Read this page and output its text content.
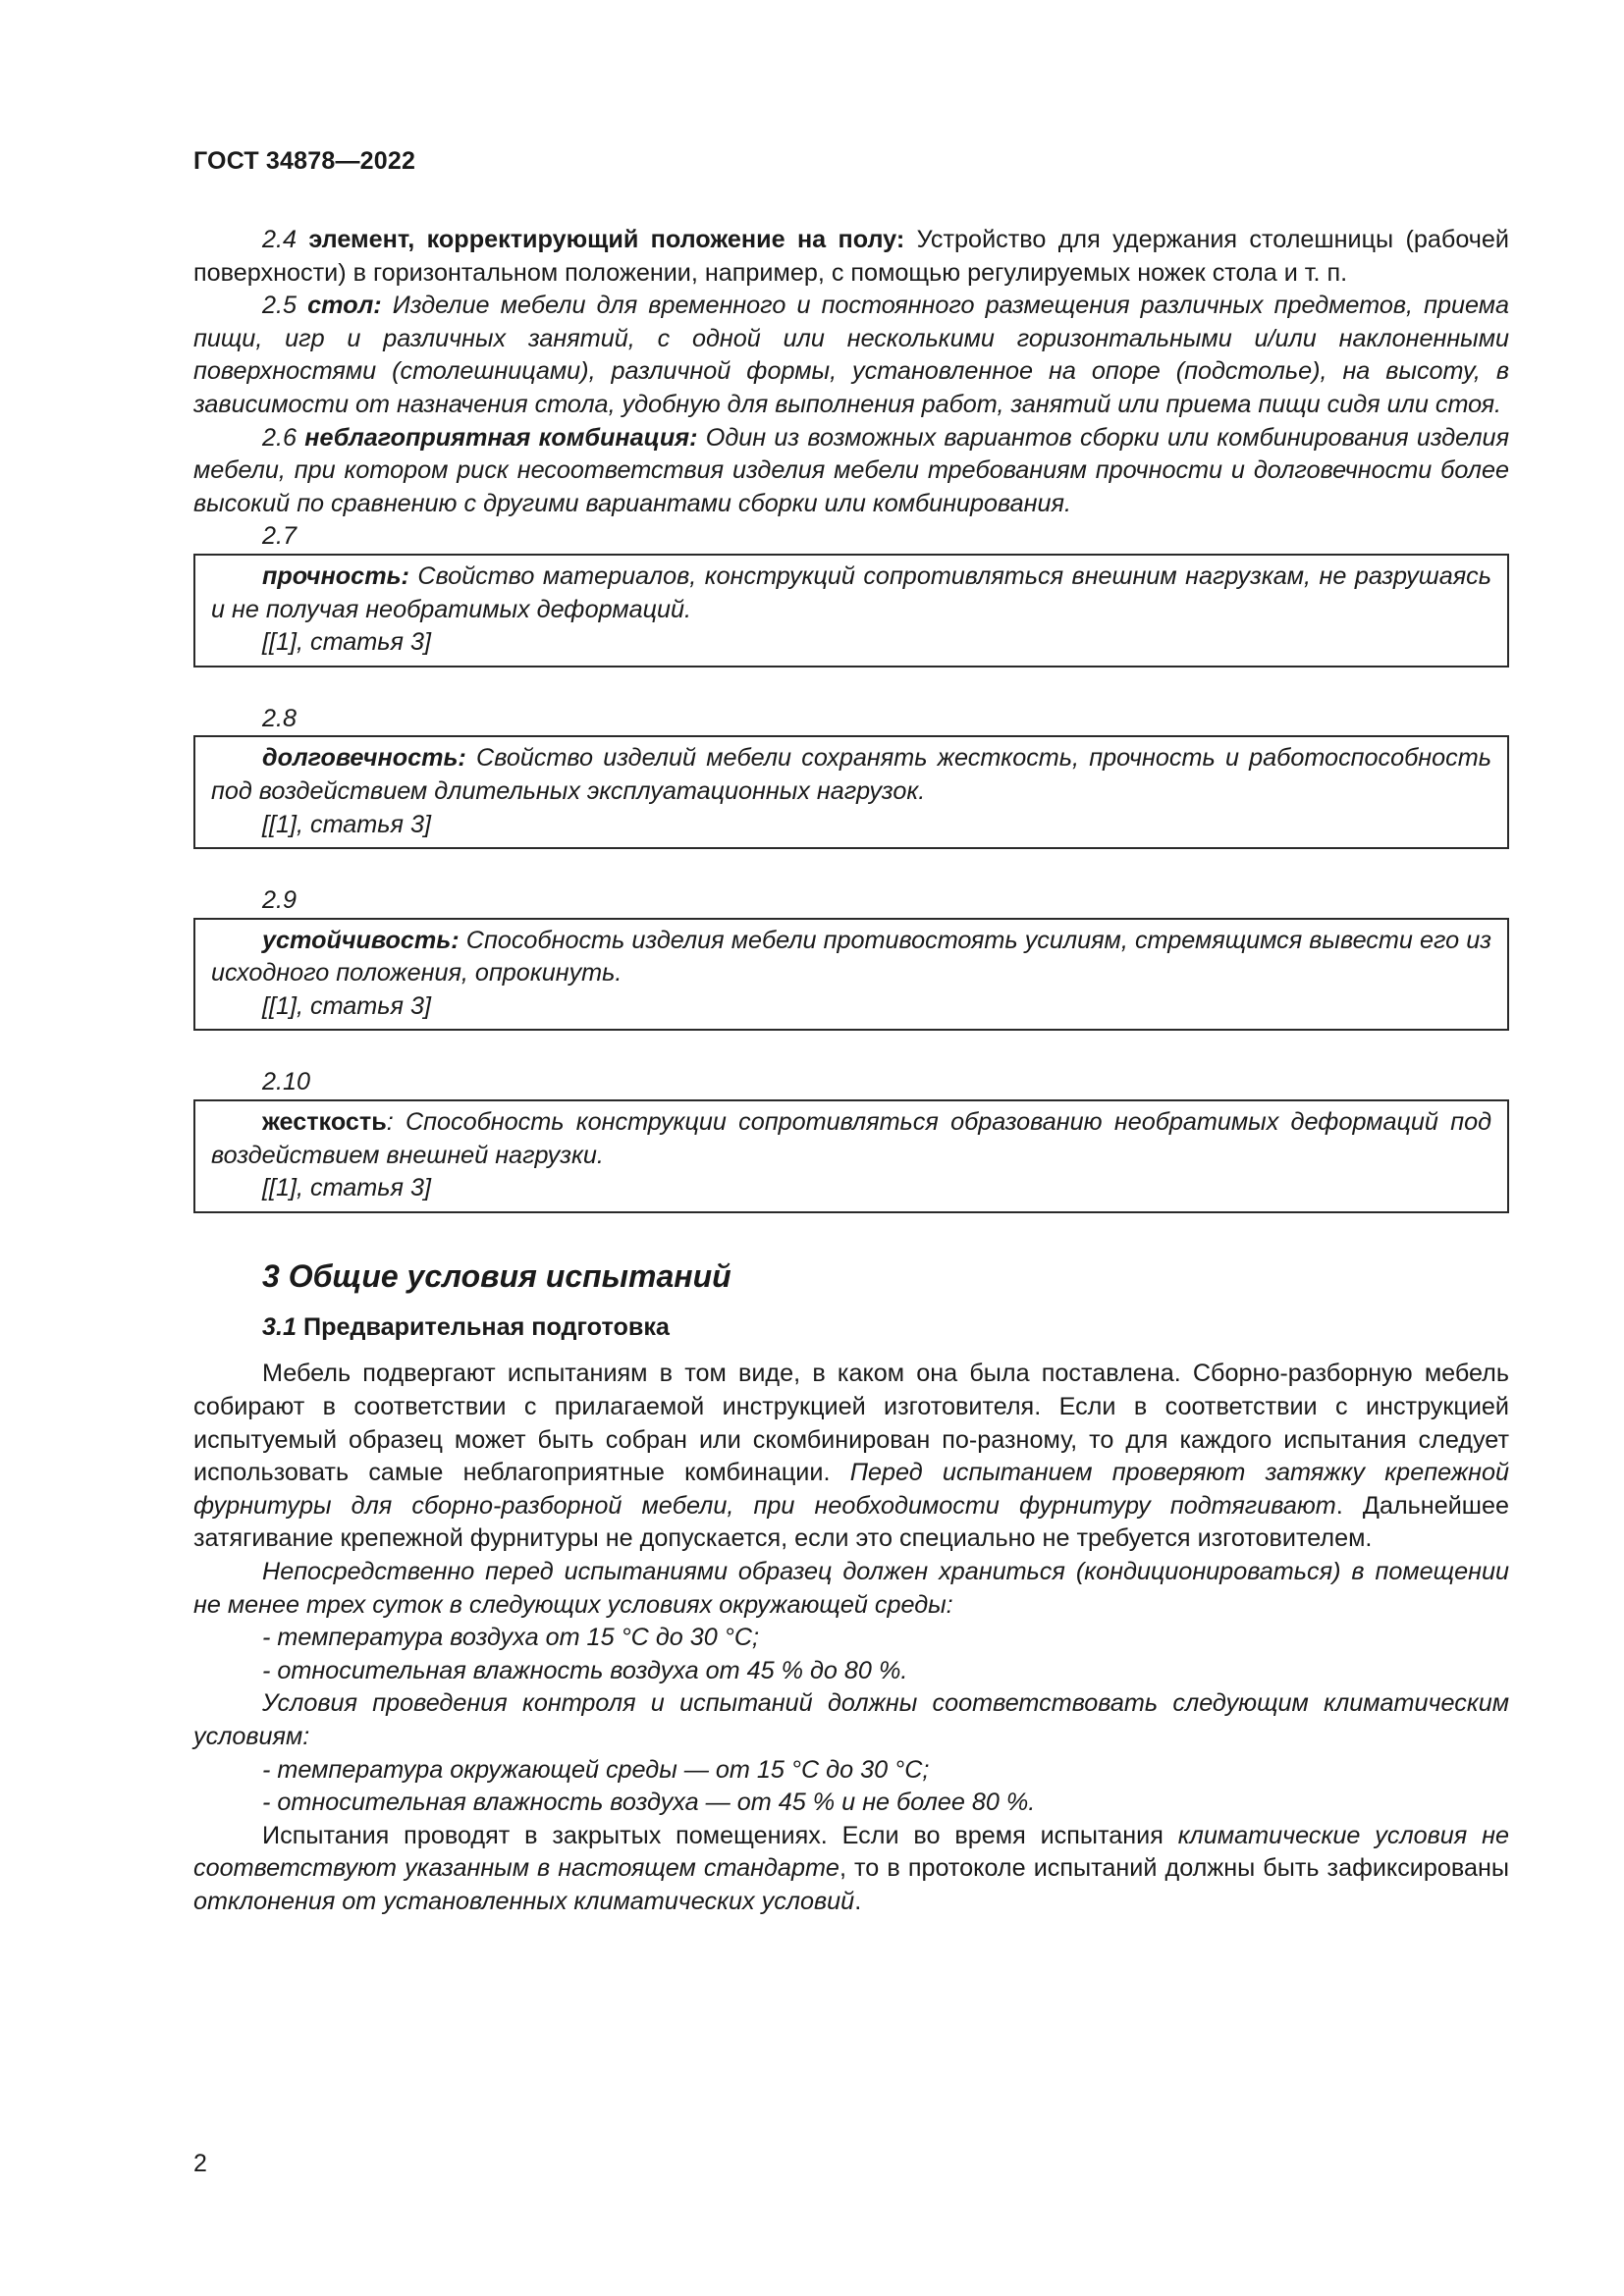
ГОСТ 34878—2022

2.4 элемент, корректирующий положение на полу: Устройство для удержания столешницы (рабочей поверхности) в горизонтальном положении, например, с помощью регулируемых ножек стола и т. п.

2.5 стол: Изделие мебели для временного и постоянного размещения различных предметов, приема пищи, игр и различных занятий, с одной или несколькими горизонтальными и/или наклоненными поверхностями (столешницами), различной формы, установленное на опоре (подстолье), на высоту, в зависимости от назначения стола, удобную для выполнения работ, занятий или приема пищи сидя или стоя.

2.6 неблагоприятная комбинация: Один из возможных вариантов сборки или комбинирования изделия мебели, при котором риск несоответствия изделия мебели требованиям прочности и долговечности более высокий по сравнению с другими вариантами сборки или комбинирования.

2.7

прочность: Свойство материалов, конструкций сопротивляться внешним нагрузкам, не разрушаясь и не получая необратимых деформаций.

[[1], статья 3]

2.8

долговечность: Свойство изделий мебели сохранять жесткость, прочность и работоспособность под воздействием длительных эксплуатационных нагрузок.

[[1], статья 3]

2.9

устойчивость: Способность изделия мебели противостоять усилиям, стремящимся вывести его из исходного положения, опрокинуть.

[[1], статья 3]

2.10

жесткость: Способность конструкции сопротивляться образованию необратимых деформаций под воздействием внешней нагрузки.

[[1], статья 3]

3 Общие условия испытаний

3.1 Предварительная подготовка

Мебель подвергают испытаниям в том виде, в каком она была поставлена. Сборно-разборную мебель собирают в соответствии с прилагаемой инструкцией изготовителя. Если в соответствии с инструкцией испытуемый образец может быть собран или скомбинирован по-разному, то для каждого испытания следует использовать самые неблагоприятные комбинации. Перед испытанием проверяют затяжку крепежной фурнитуры для сборно-разборной мебели, при необходимости фурнитуру подтягивают. Дальнейшее затягивание крепежной фурнитуры не допускается, если это специально не требуется изготовителем.

Непосредственно перед испытаниями образец должен храниться (кондиционироваться) в помещении не менее трех суток в следующих условиях окружающей среды:

- температура воздуха от 15 °С до 30 °С;

- относительная влажность воздуха от 45 % до 80 %.

Условия проведения контроля и испытаний должны соответствовать следующим климатическим условиям:

- температура окружающей среды — от 15 °С до 30 °С;

- относительная влажность воздуха — от 45 % и не более 80 %.

Испытания проводят в закрытых помещениях. Если во время испытания климатические условия не соответствуют указанным в настоящем стандарте, то в протоколе испытаний должны быть зафиксированы отклонения от установленных климатических условий.

2
